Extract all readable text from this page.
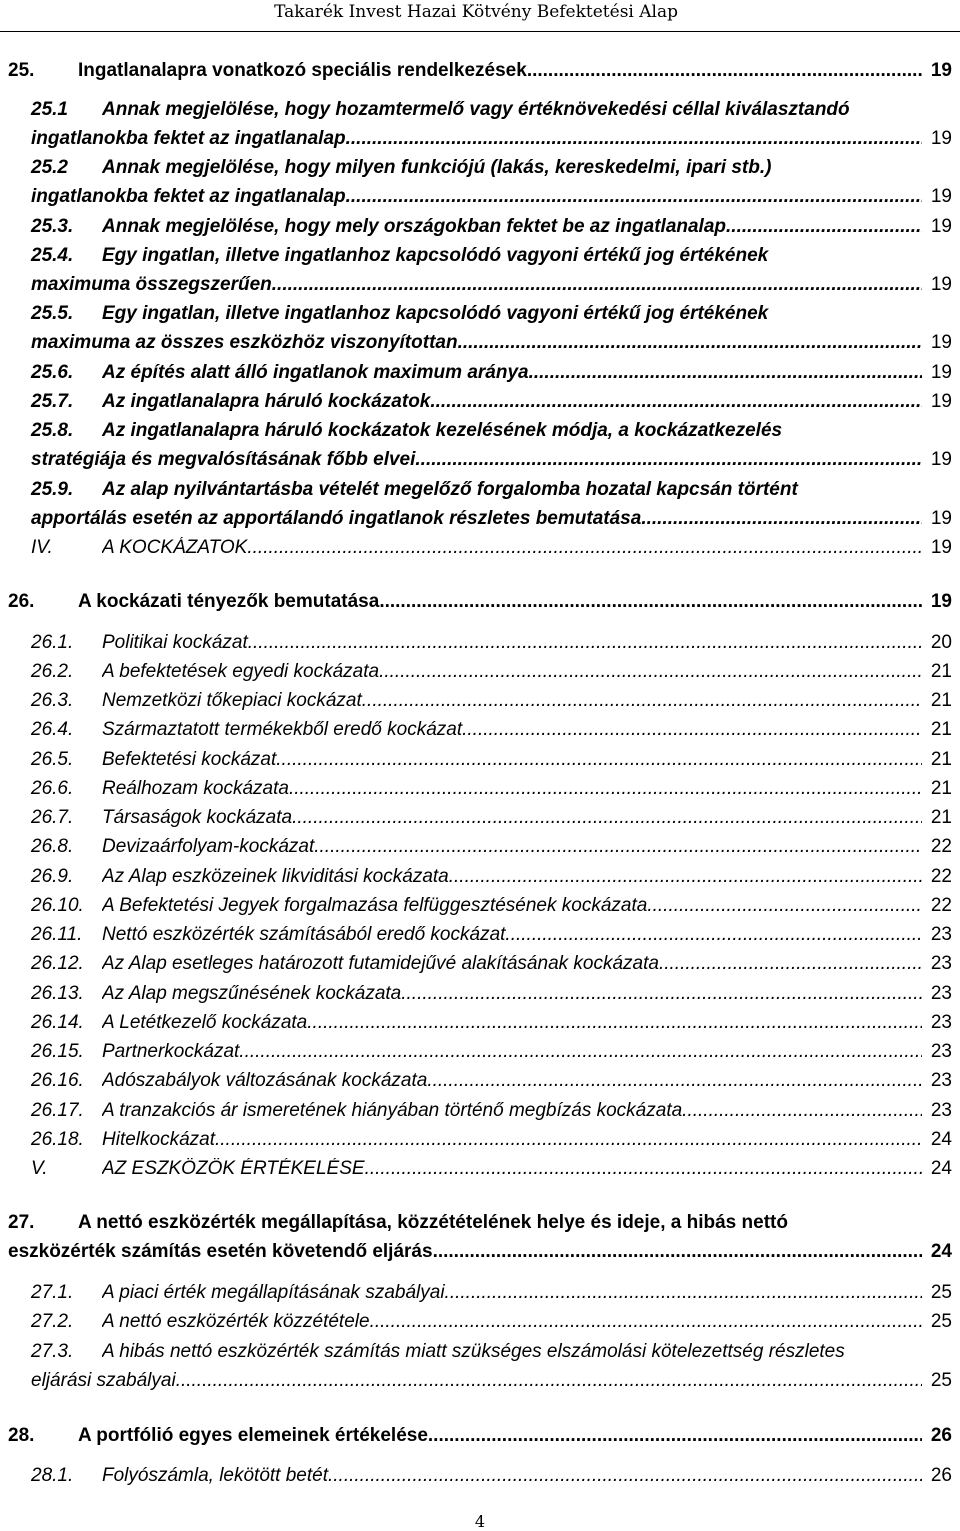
Takarék Invest Hazai Kötvény Befektetési Alap
25. Ingatlanalapra vonatkozó speciális rendelkezések .....	19
25.1 Annak megjelölése, hogy hozamtermelő vagy értéknövekedési céllal kiválasztandó
ingatlanokba fektet az ingatlanalap .....	19
25.2 Annak megjelölése, hogy milyen funkciójú (lakás, kereskedelmi, ipari stb.)
ingatlanokba fektet az ingatlanalap .....	19
25.3. Annak megjelölése, hogy mely országokban fektet be az ingatlanalap .....	19
25.4. Egy ingatlan, illetve ingatlanhoz kapcsolódó vagyoni értékű jog értékének
maximuma összegszerűen .....	19
25.5. Egy ingatlan, illetve ingatlanhoz kapcsolódó vagyoni értékű jog értékének
maximuma az összes eszközhöz viszonyítottan .....	19
25.6. Az építés alatt álló ingatlanok maximum aránya .....	19
25.7. Az ingatlanalapra háruló kockázatok .....	19
25.8. Az ingatlanalapra háruló kockázatok kezelésének módja, a kockázatkezelés
stratégiája és megvalósításának főbb elvei .....	19
25.9. Az alap nyilvántartásba vételét megelőző forgalomba hozatal kapcsán történt
apportálás esetén az apportálandó ingatlanok részletes bemutatása .....	19
IV.	A KOCKÁZATOK .....	19
26. A kockázati tényezők bemutatása .....	19
26.1. Politikai kockázat .....	20
26.2. A befektetések egyedi kockázata .....	21
26.3. Nemzetközi tőkepiaci kockázat .....	21
26.4. Származtatott termékekből eredő kockázat .....	21
26.5. Befektetési kockázat .....	21
26.6. Reálhozam kockázata .....	21
26.7. Társaságok kockázata .....	21
26.8. Devizaárfolyam-kockázat .....	22
26.9. Az Alap eszközeinek likviditási kockázata .....	22
26.10. A Befektetési Jegyek forgalmazása felfüggesztésének kockázata .....	22
26.11. Nettó eszközérték számításából eredő kockázat .....	23
26.12. Az Alap esetleges határozott futamidejűvé alakításának kockázata .....	23
26.13. Az Alap megszűnésének kockázata .....	23
26.14. A Letétkezelő kockázata .....	23
26.15. Partnerkockázat .....	23
26.16. Adószabályok változásának kockázata .....	23
26.17. A tranzakciós ár ismeretének hiányában történő megbízás kockázata .....	23
26.18. Hitelkockázat .....	24
V.	AZ ESZKÖZÖK ÉRTÉKELÉSE .....	24
27. A nettó eszközérték megállapítása, közzétételének helye és ideje, a hibás nettó
eszközérték számítás esetén követendő eljárás .....	24
27.1. A piaci érték megállapításának szabályai .....	25
27.2. A nettó eszközérték közzététele .....	25
27.3. A hibás nettó eszközérték számítás miatt szükséges elszámolási kötelezettség részletes
eljárási szabályai .....	25
28. A portfólió egyes elemeinek értékelése .....	26
28.1. Folyószámla, lekötött betét .....	26
4
